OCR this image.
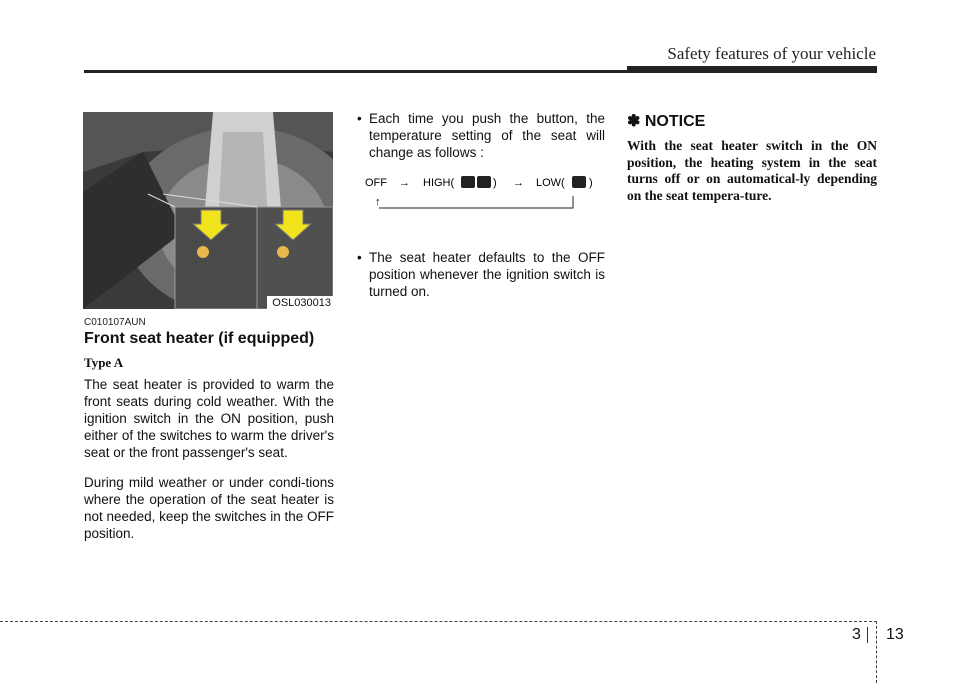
Safety features of your vehicle
OSL030013
C010107AUN
Front seat heater (if equipped)
Type A

The seat heater is provided to warm the front seats during cold weather. With the ignition switch in the ON position, push either of the switches to warm the driver's seat or the front passenger's seat.

During mild weather or under condi-tions where the operation of the seat heater is not needed, keep the switches in the OFF position.

• Each time you push the button, the temperature setting of the seat will change as follows :
• The seat heater defaults to the OFF position whenever the ignition switch is turned on.
OFF → HIGH(	) → LOW( )
↑
✽ NOTICE

With the seat heater switch in the ON position, the heating system in the seat turns off or on automatical-ly depending on the seat tempera-ture.

3 13
